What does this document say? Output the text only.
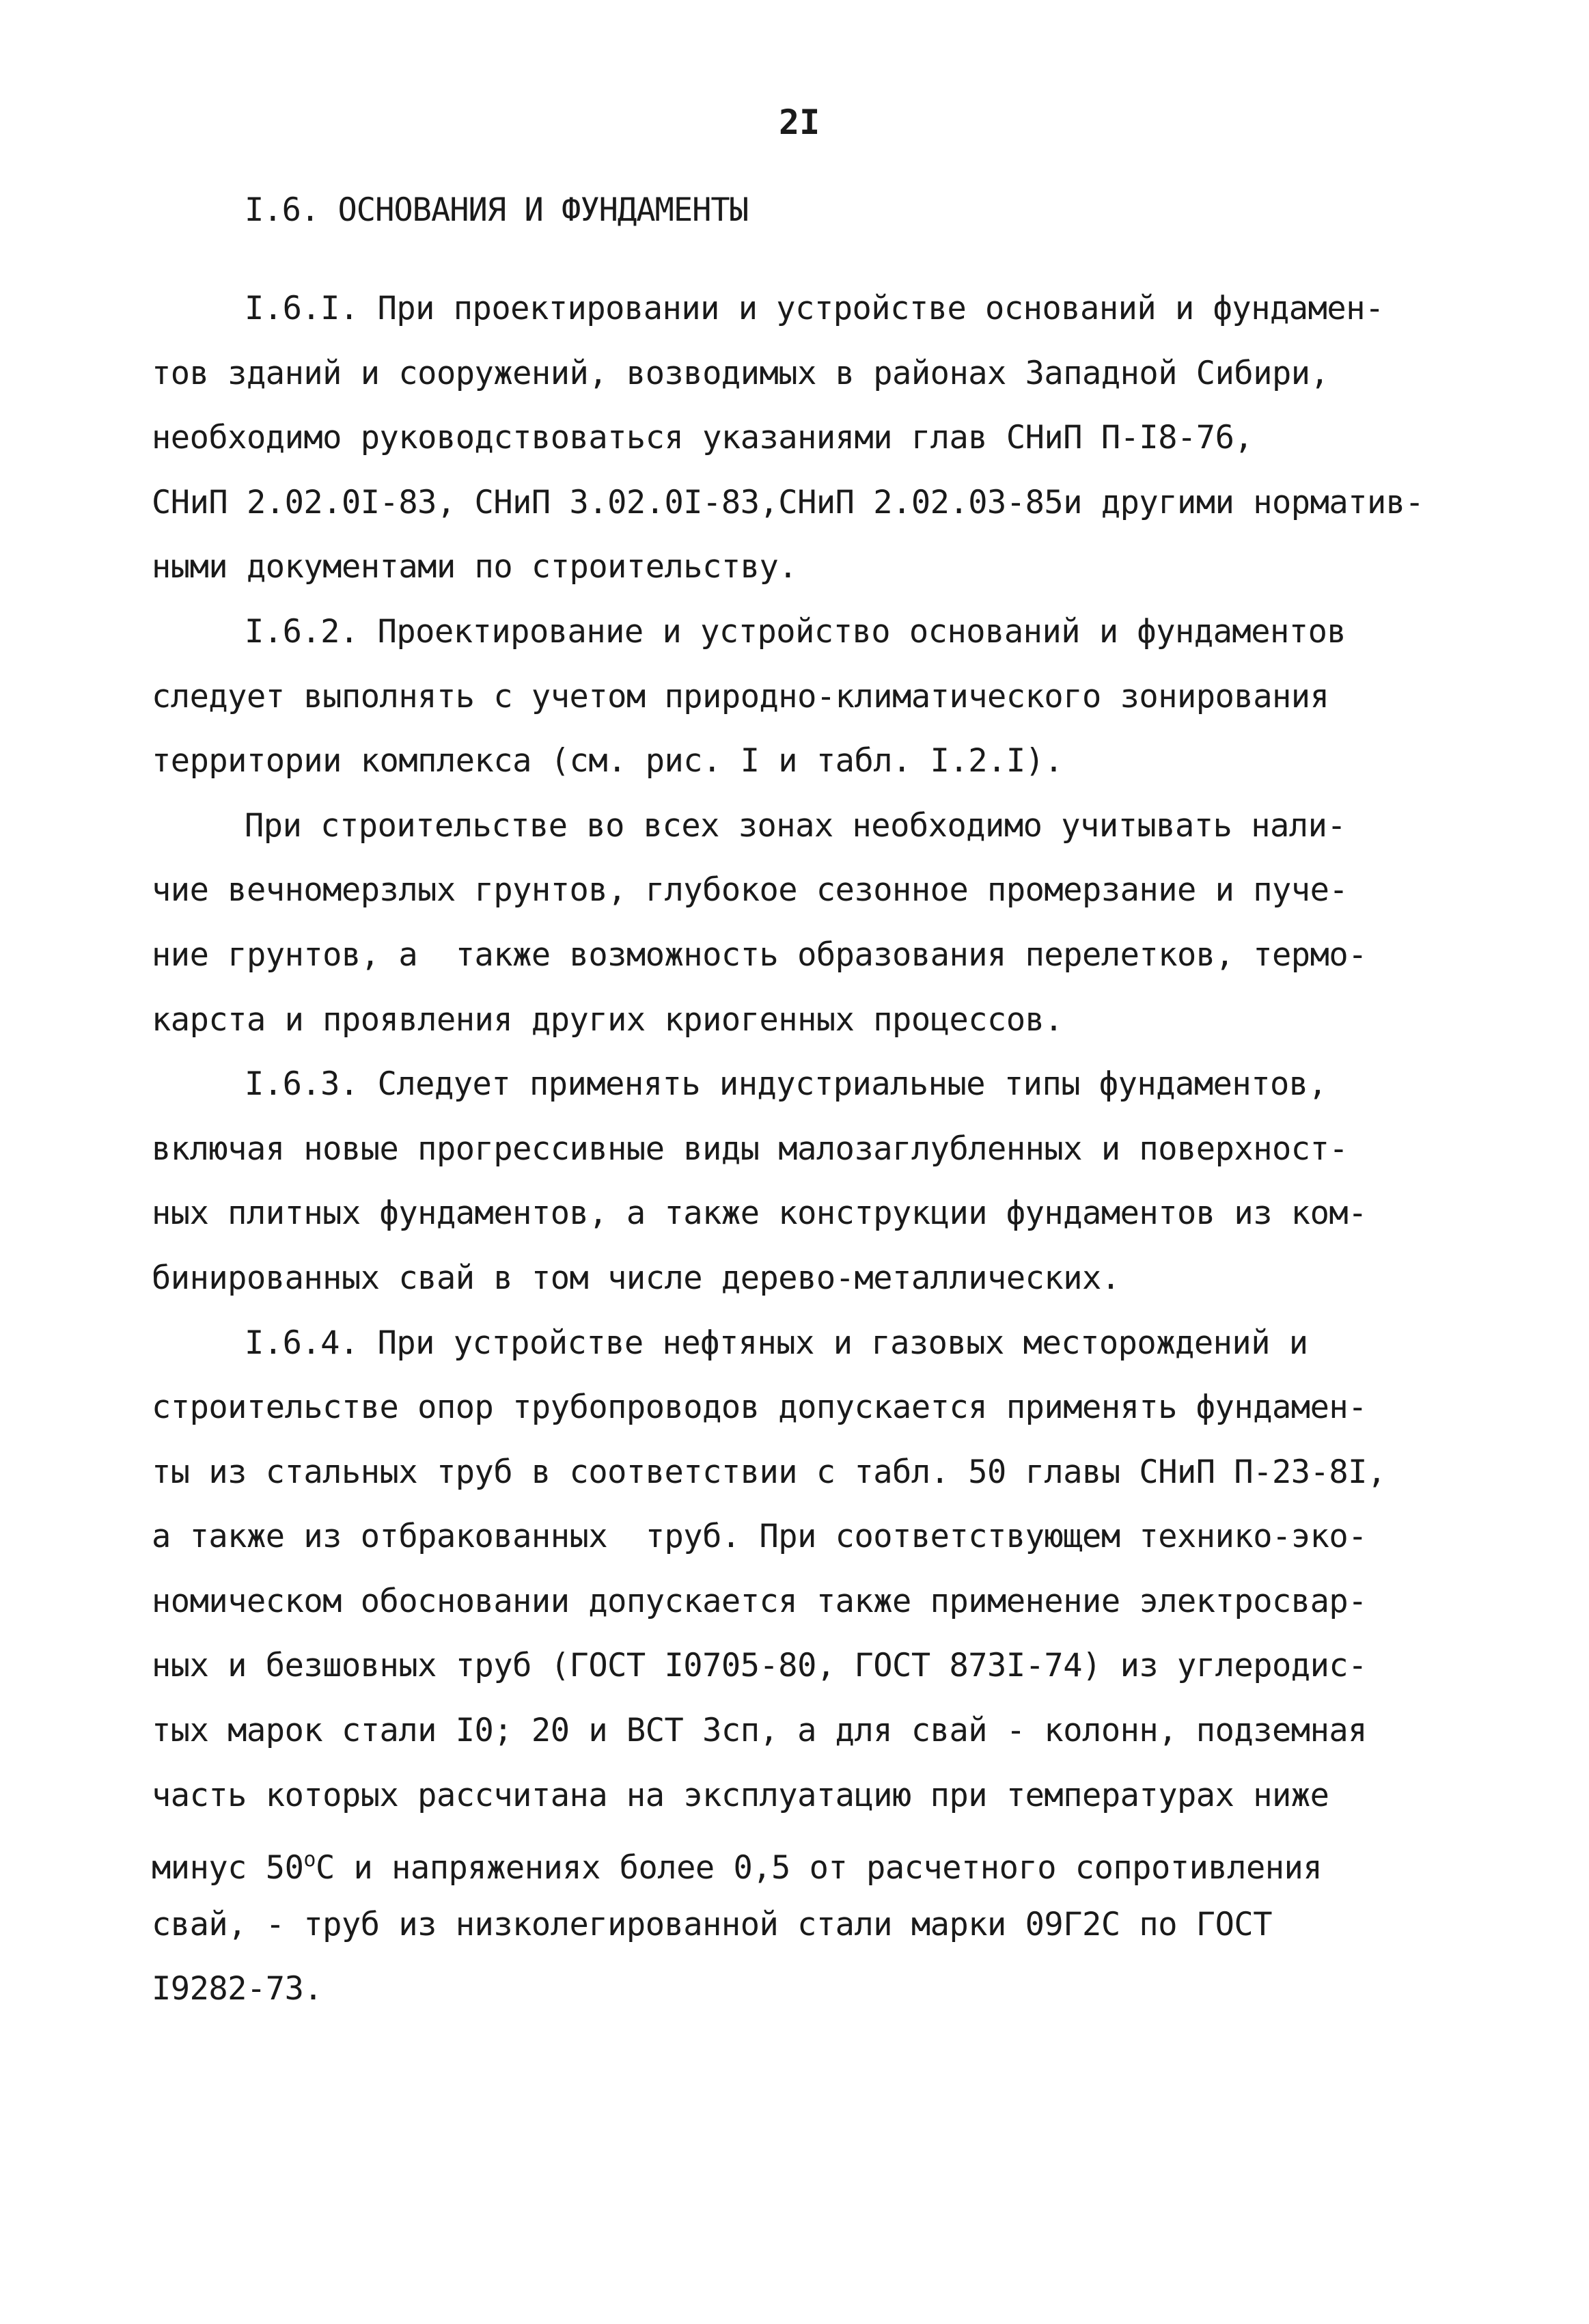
2I
I.6. ОСНОВАНИЯ И ФУНДАМЕНТЫ
I.6.I. При проектировании и устройстве оснований и фундамен-
тов зданий и сооружений, возводимых в районах Западной Сибири,
необходимо руководствоваться указаниями глав СНиП П-I8-76,
СНиП 2.02.0I-83, СНиП 3.02.0I-83,СНиП 2.02.03-85и другими норматив-
ными документами по строительству.
I.6.2. Проектирование и устройство оснований и фундаментов
следует выполнять с учетом природно-климатического зонирования
территории комплекса (см. рис. I и табл. I.2.I).
При строительстве во всех зонах необходимо учитывать нали-
чие вечномерзлых грунтов, глубокое сезонное промерзание и пуче-
ние грунтов, а  также возможность образования перелетков, термо-
карста и проявления других криогенных процессов.
I.6.3. Следует применять индустриальные типы фундаментов,
включая новые прогрессивные виды малозаглубленных и поверхност-
ных плитных фундаментов, а также конструкции фундаментов из ком-
бинированных свай в том числе дерево-металлических.
I.6.4. При устройстве нефтяных и газовых месторождений и
строительстве опор трубопроводов допускается применять фундамен-
ты из стальных труб в соответствии с табл. 50 главы СНиП П-23-8I,
а также из отбракованных  труб. При соответствующем технико-эко-
номическом обосновании допускается также применение электросвар-
ных и безшовных труб (ГОСТ I0705-80, ГОСТ 873I-74) из углеродис-
тых марок стали I0; 20 и ВСТ 3сп, а для свай - колонн, подземная
часть которых рассчитана на эксплуатацию при температурах ниже
минус $50^оС$ и напряжениях более 0,5 от расчетного сопротивления
свай, - труб из низколегированной стали марки 09Г2С по ГОСТ
I9282-73.
